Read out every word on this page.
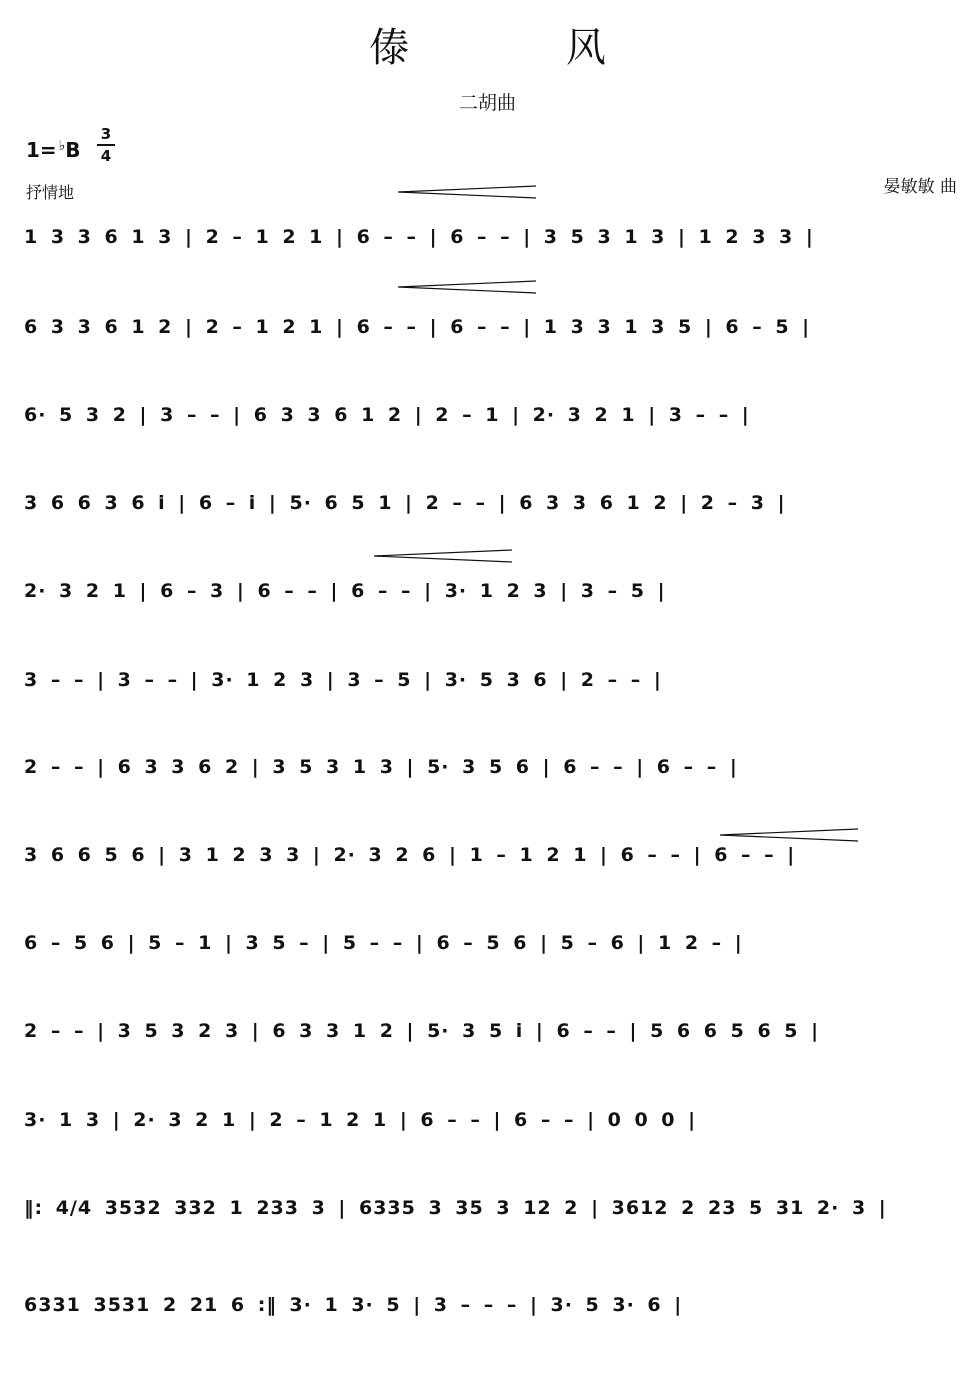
傣 风
二胡曲
1= ♭B
3
4
抒情地	晏敏敏 曲
1 3 3 6 1 3 | 2 – 1 2 1 | 6 – – | 6 – – | 3 5 3 1 3 | 1 2 3 3 |
6 3 3 6 1 2 | 2 – 1 2 1 | 6 – – | 6 – – | 1 3 3 1 3 5 | 6 – 5 |
6· 5 3 2 | 3 – – | 6 3 3 6 1 2 | 2 – 1 | 2· 3 2 1 | 3 – – |
3 6 6 3 6 i | 6 – i | 5· 6 5 1 | 2 – – | 6 3 3 6 1 2 | 2 – 3 |
2· 3 2 1 | 6 – 3 | 6 – – | 6 – – | 3· 1 2 3 | 3 – 5 |
3 – – | 3 – – | 3· 1 2 3 | 3 – 5 | 3· 5 3 6 | 2 – – |
2 – – | 6 3 3 6 2 | 3 5 3 1 3 | 5· 3 5 6 | 6 – – | 6 – – |
3 6 6 5 6 | 3 1 2 3 3 | 2· 3 2 6 | 1 – 1 2 1 | 6 – – | 6 – – |
6 – 5 6 | 5 – 1 | 3 5 – | 5 – – | 6 – 5 6 | 5 – 6 | 1 2 – |
2 – – | 3 5 3 2 3 | 6 3 3 1 2 | 5· 3 5 i | 6 – – | 5 6 6 5 6 5 |
3· 1 3 | 2· 3 2 1 | 2 – 1 2 1 | 6 – – | 6 – – | 0 0 0 |
‖: 4/4 3532 332 1 233 3 | 6335 3 35 3 12 2 | 3612 2 23 5 31 2· 3 |
6331 3531 2 21 6 :‖ 3· 1 3· 5 | 3 – – – | 3· 5 3· 6 |
